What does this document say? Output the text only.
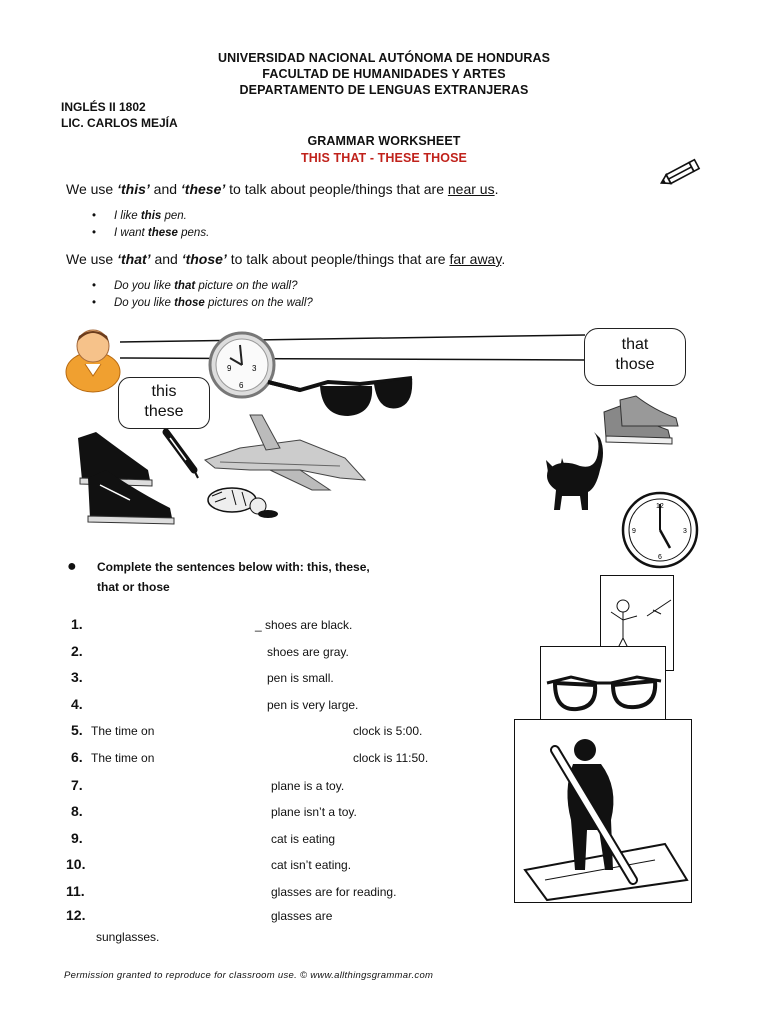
UNIVERSIDAD NACIONAL AUTÓNOMA DE HONDURAS
FACULTAD DE HUMANIDADES Y ARTES
DEPARTAMENTO DE LENGUAS EXTRANJERAS
INGLÉS II 1802
LIC. CARLOS MEJÍA
GRAMMAR WORKSHEET
THIS THAT - THESE THOSE
We use ‘this’ and ‘these’ to talk about people/things that are near us.
• I like this pen.
• I want these pens.
We use ‘that’ and ‘those’ to talk about people/things that are far away.
• Do you like that picture on the wall?
• Do you like those pictures on the wall?
9	3
6
12
3
6
9
this
these
that
those
● Complete the sentences below with: this, these,
that or those
1.	_ shoes are black.
2.	shoes are gray.
3.	pen is small.
4.	pen is very large.
5. The time on	clock is 5:00.
6. The time on	clock is 11:50.
7.	plane is a toy.
8.	plane isn’t a toy.
9.	cat is eating
10.	cat isn’t eating.
11.	glasses are for reading.
12.	glasses are
sunglasses.
Permission granted to reproduce for classroom use. © www.allthingsgrammar.com
